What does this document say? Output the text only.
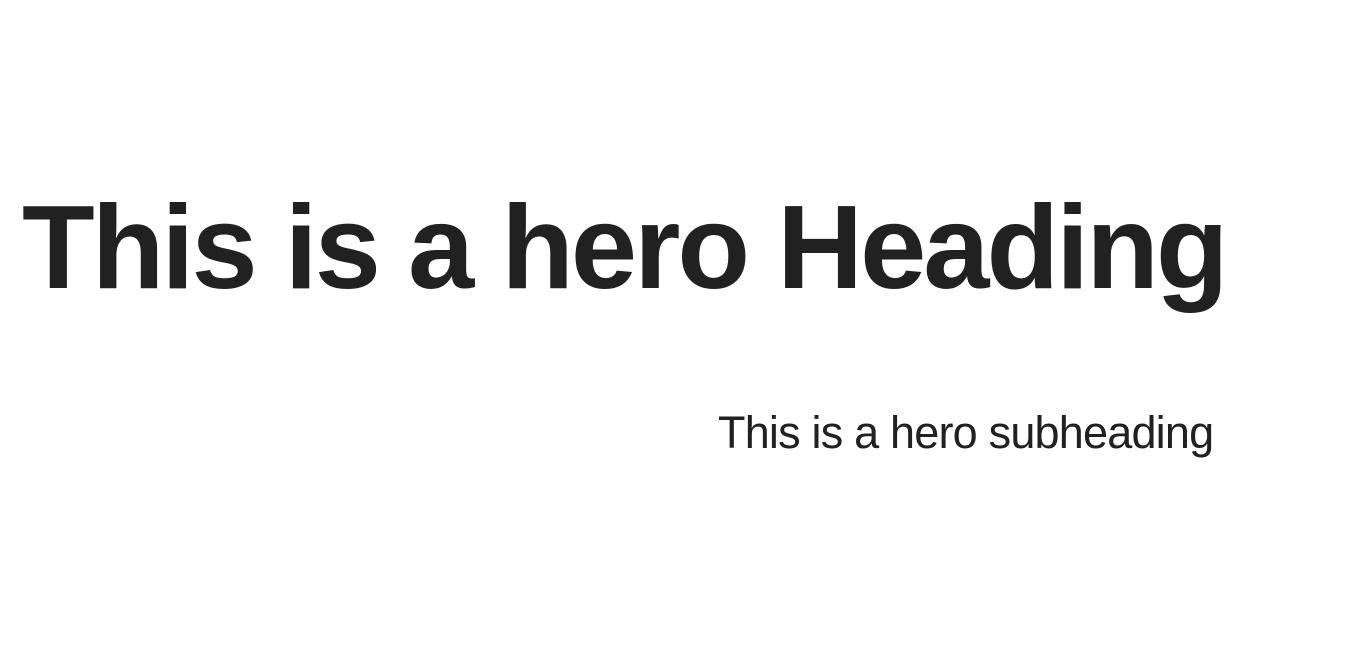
This is a hero Heading

This is a hero subheading
